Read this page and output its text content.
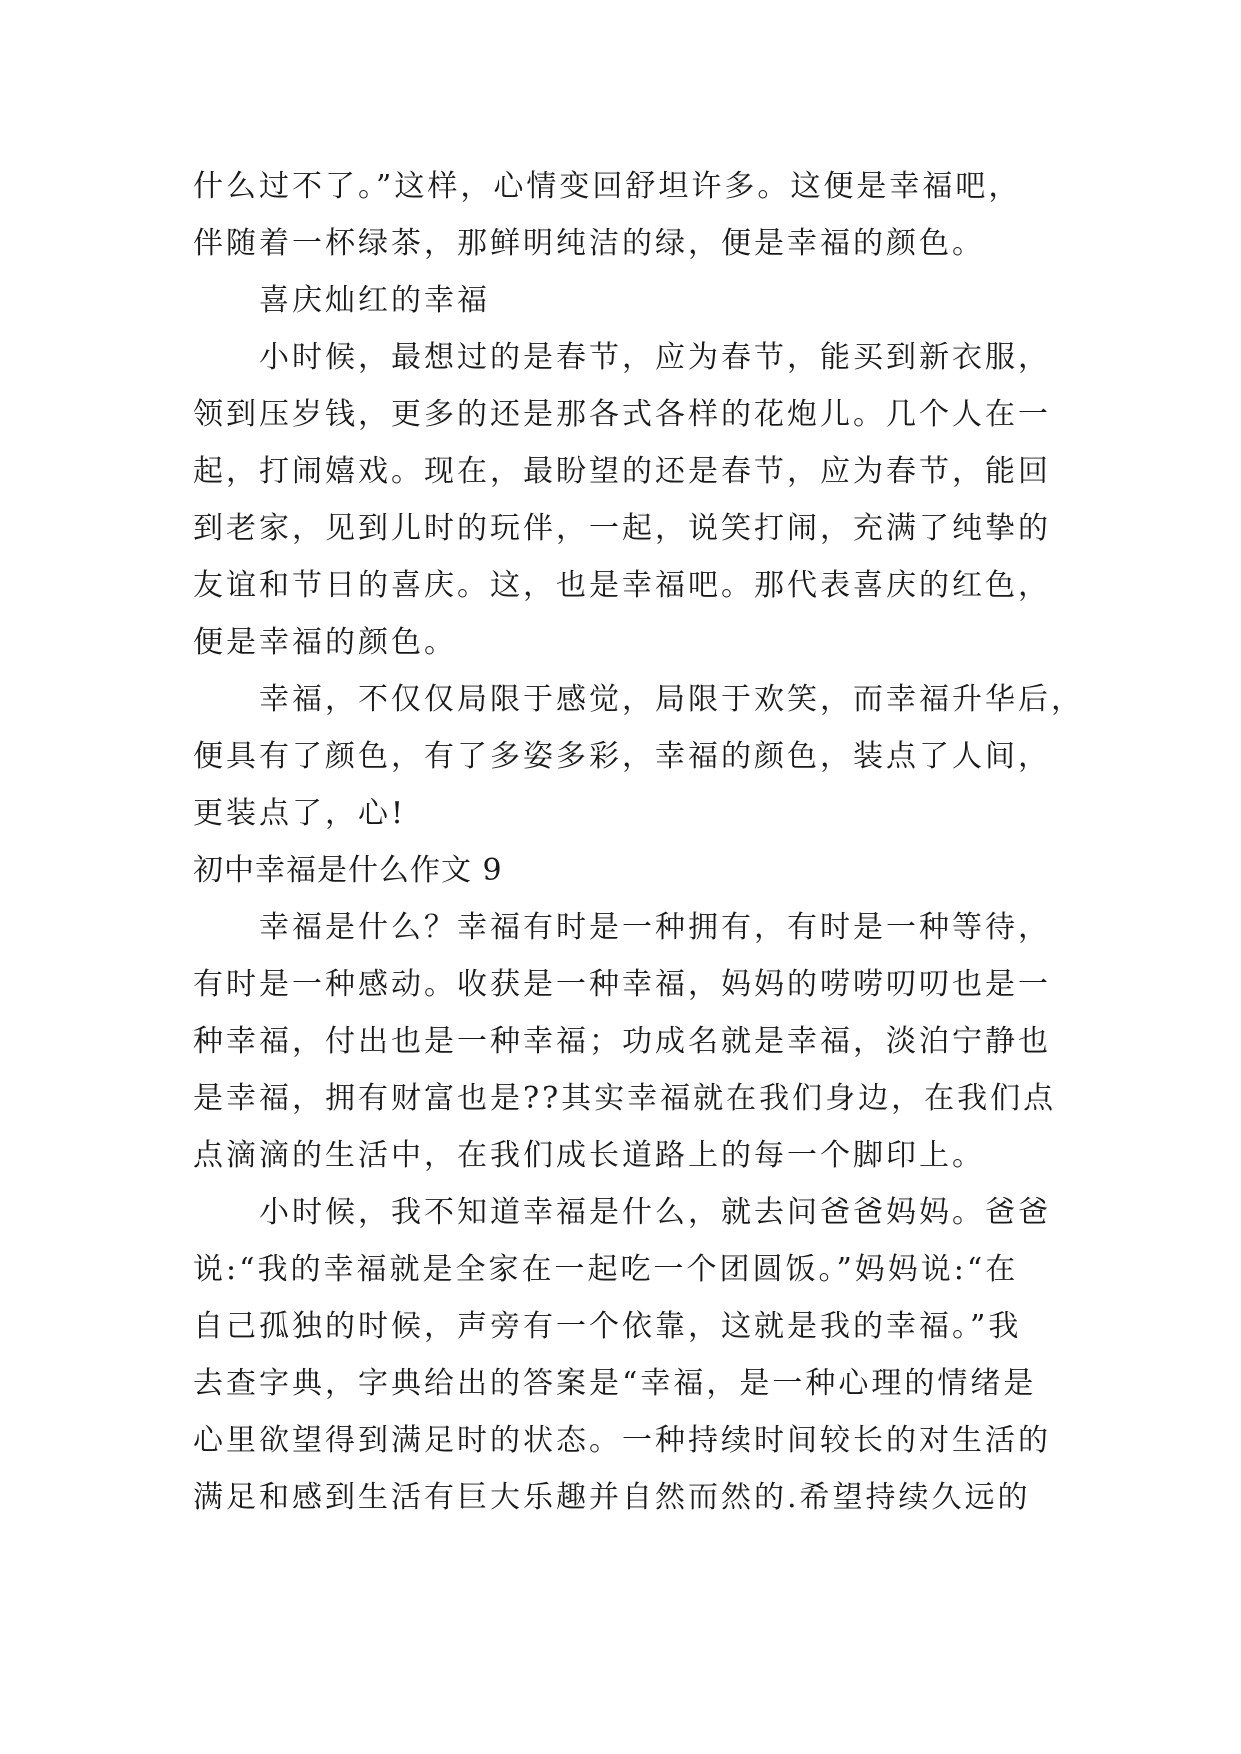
什么过不了。”这样，心情变回舒坦许多。这便是幸福吧，
伴随着一杯绿茶，那鲜明纯洁的绿，便是幸福的颜色。
喜庆灿红的幸福
小时候，最想过的是春节，应为春节，能买到新衣服，
领到压岁钱，更多的还是那各式各样的花炮儿。几个人在一
起，打闹嬉戏。现在，最盼望的还是春节，应为春节，能回
到老家，见到儿时的玩伴，一起，说笑打闹，充满了纯挚的
友谊和节日的喜庆。这，也是幸福吧。那代表喜庆的红色，
便是幸福的颜色。
幸福，不仅仅局限于感觉，局限于欢笑，而幸福升华后，
便具有了颜色，有了多姿多彩，幸福的颜色，装点了人间，
更装点了，心!
初中幸福是什么作文 9
幸福是什么？幸福有时是一种拥有，有时是一种等待，
有时是一种感动。收获是一种幸福，妈妈的唠唠叨叨也是一
种幸福，付出也是一种幸福；功成名就是幸福，淡泊宁静也
是幸福，拥有财富也是??其实幸福就在我们身边，在我们点
点滴滴的生活中，在我们成长道路上的每一个脚印上。
小时候，我不知道幸福是什么，就去问爸爸妈妈。爸爸
说:“我的幸福就是全家在一起吃一个团圆饭。”妈妈说:“在
自己孤独的时候，声旁有一个依靠，这就是我的幸福。”我
去查字典，字典给出的答案是“幸福，是一种心理的情绪是
心里欲望得到满足时的状态。一种持续时间较长的对生活的
满足和感到生活有巨大乐趣并自然而然的.希望持续久远的
